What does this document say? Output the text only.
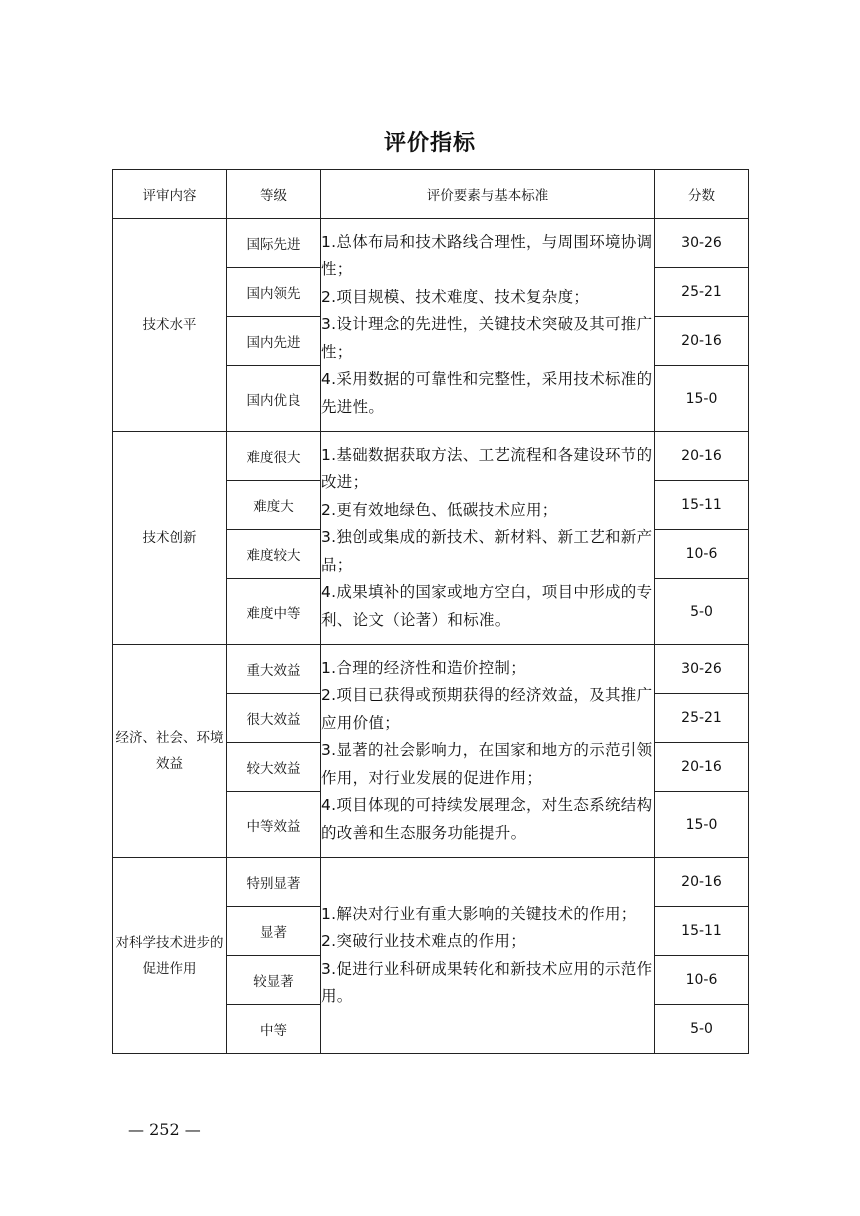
评价指标
评审内容	等级	评价要素与基本标准	分数
技术水平	国际先进	1.总体布局和技术路线合理性，与周围环境协调性；
2.项目规模、技术难度、技术复杂度；
3.设计理念的先进性，关键技术突破及其可推广性；
4.采用数据的可靠性和完整性，采用技术标准的先进性。	30-26
	国内领先		25-21
	国内先进		20-16
	国内优良		15-0
技术创新	难度很大	1.基础数据获取方法、工艺流程和各建设环节的改进；
2.更有效地绿色、低碳技术应用；
3.独创或集成的新技术、新材料、新工艺和新产品；
4.成果填补的国家或地方空白，项目中形成的专利、论文（论著）和标准。	20-16
	难度大		15-11
	难度较大		10-6
	难度中等		5-0
经济、社会、环境效益	重大效益	1.合理的经济性和造价控制；
2.项目已获得或预期获得的经济效益，及其推广应用价值；
3.显著的社会影响力，在国家和地方的示范引领作用，对行业发展的促进作用；
4.项目体现的可持续发展理念，对生态系统结构的改善和生态服务功能提升。	30-26
	很大效益		25-21
	较大效益		20-16
	中等效益		15-0
对科学技术进步的促进作用	特别显著	1.解决对行业有重大影响的关键技术的作用；
2.突破行业技术难点的作用；
3.促进行业科研成果转化和新技术应用的示范作用。	20-16
	显著		15-11
	较显著		10-6
	中等		5-0
— 252 —
